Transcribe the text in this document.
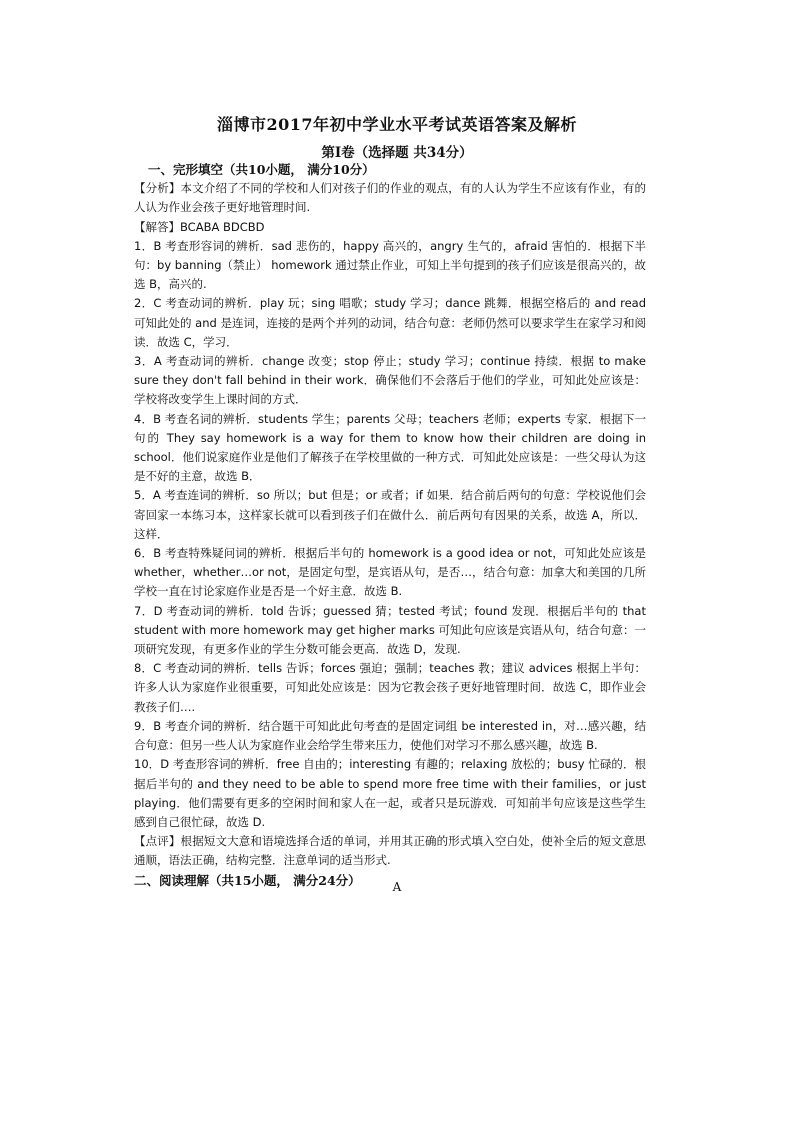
淄博市2017年初中学业水平考试英语答案及解析
第I卷（选择题 共34分）

一、完形填空（共10小题， 满分10分）

【分析】本文介绍了不同的学校和人们对孩子们的作业的观点，有的人认为学生不应该有作业，有的人认为作业会孩子更好地管理时间.

【解答】BCABA BDCBD

1．B 考查形容词的辨析．sad 悲伤的，happy 高兴的，angry 生气的，afraid 害怕的．根据下半句：by banning（禁止） homework 通过禁止作业，可知上半句提到的孩子们应该是很高兴的，故选 B，高兴的.

2．C 考查动词的辨析．play 玩；sing 唱歌；study 学习；dance 跳舞．根据空格后的 and read 可知此处的 and 是连词，连接的是两个并列的动词，结合句意：老师仍然可以要求学生在家学习和阅读．故选 C，学习．

3．A 考查动词的辨析．change 改变；stop 停止；study 学习；continue 持续．根据 to make sure they don't fall behind in their work．确保他们不会落后于他们的学业，可知此处应该是：学校将改变学生上课时间的方式．

4．B 考查名词的辨析．students 学生；parents 父母；teachers 老师；experts 专家．根据下一句的 They say homework is a way for them to know how their children are doing in school．他们说家庭作业是他们了解孩子在学校里做的一种方式．可知此处应该是：一些父母认为这是不好的主意，故选 B．

5．A 考查连词的辨析．so 所以；but 但是；or 或者；if 如果．结合前后两句的句意：学校说他们会寄回家一本练习本，这样家长就可以看到孩子们在做什么．前后两句有因果的关系，故选 A，所以．这样．

6．B 考查特殊疑问词的辨析．根据后半句的 homework is a good idea or not，可知此处应该是 whether，whether…or not，是固定句型，是宾语从句，是否…，结合句意：加拿大和美国的几所学校一直在讨论家庭作业是否是一个好主意．故选 B.

7．D 考查动词的辨析．told 告诉；guessed 猜；tested 考试；found 发现．根据后半句的 that student with more homework may get higher marks 可知此句应该是宾语从句，结合句意：一项研究发现，有更多作业的学生分数可能会更高．故选 D，发现.

8．C 考查动词的辨析．tells 告诉；forces 强迫；强制；teaches 教；建议 advices 根据上半句：许多人认为家庭作业很重要，可知此处应该是：因为它教会孩子更好地管理时间．故选 C，即作业会教孩子们….

9．B 考查介词的辨析．结合题干可知此此句考查的是固定词组 be interested in，对…感兴趣，结合句意：但另一些人认为家庭作业会给学生带来压力，使他们对学习不那么感兴趣，故选 B.

10．D 考查形容词的辨析．free 自由的；interesting 有趣的；relaxing 放松的；busy 忙碌的．根据后半句的 and they need to be able to spend more free time with their families，or just playing．他们需要有更多的空闲时间和家人在一起，或者只是玩游戏．可知前半句应该是这些学生感到自己很忙碌，故选 D.

【点评】根据短文大意和语境选择合适的单词，并用其正确的形式填入空白处，使补全后的短文意思通顺，语法正确，结构完整．注意单词的适当形式.

二、阅读理解（共15小题， 满分24分）	A
